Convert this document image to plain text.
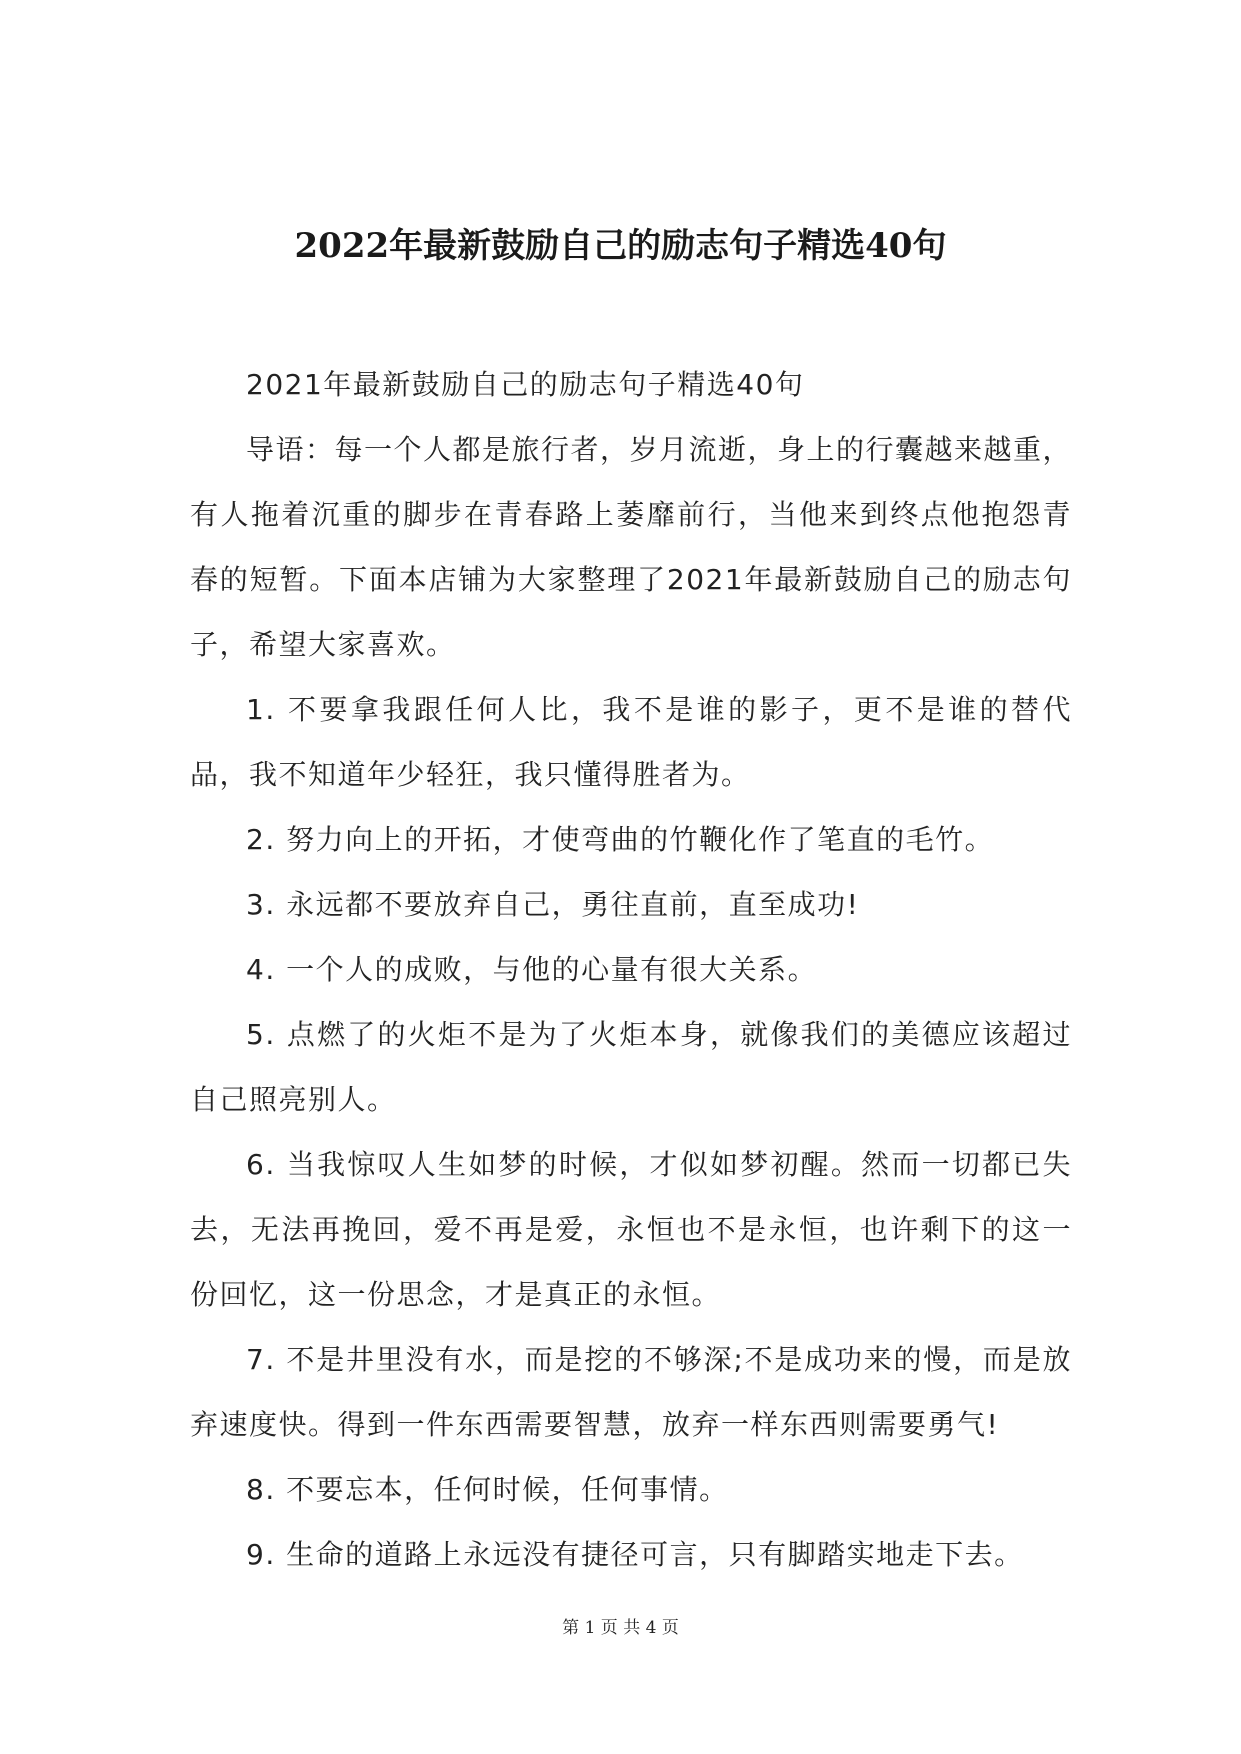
2022年最新鼓励自己的励志句子精选40句

2021年最新鼓励自己的励志句子精选40句

导语：每一个人都是旅行者，岁月流逝，身上的行囊越来越重，有人拖着沉重的脚步在青春路上萎靡前行，当他来到终点他抱怨青春的短暂。下面本店铺为大家整理了2021年最新鼓励自己的励志句子，希望大家喜欢。

1. 不要拿我跟任何人比，我不是谁的影子，更不是谁的替代品，我不知道年少轻狂，我只懂得胜者为。

2. 努力向上的开拓，才使弯曲的竹鞭化作了笔直的毛竹。

3. 永远都不要放弃自己，勇往直前，直至成功!

4. 一个人的成败，与他的心量有很大关系。

5. 点燃了的火炬不是为了火炬本身，就像我们的美德应该超过自己照亮别人。

6. 当我惊叹人生如梦的时候，才似如梦初醒。然而一切都已失去，无法再挽回，爱不再是爱，永恒也不是永恒，也许剩下的这一份回忆，这一份思念，才是真正的永恒。

7. 不是井里没有水，而是挖的不够深;不是成功来的慢，而是放弃速度快。得到一件东西需要智慧，放弃一样东西则需要勇气!

8. 不要忘本，任何时候，任何事情。

9. 生命的道路上永远没有捷径可言，只有脚踏实地走下去。

第 1 页 共 4 页
